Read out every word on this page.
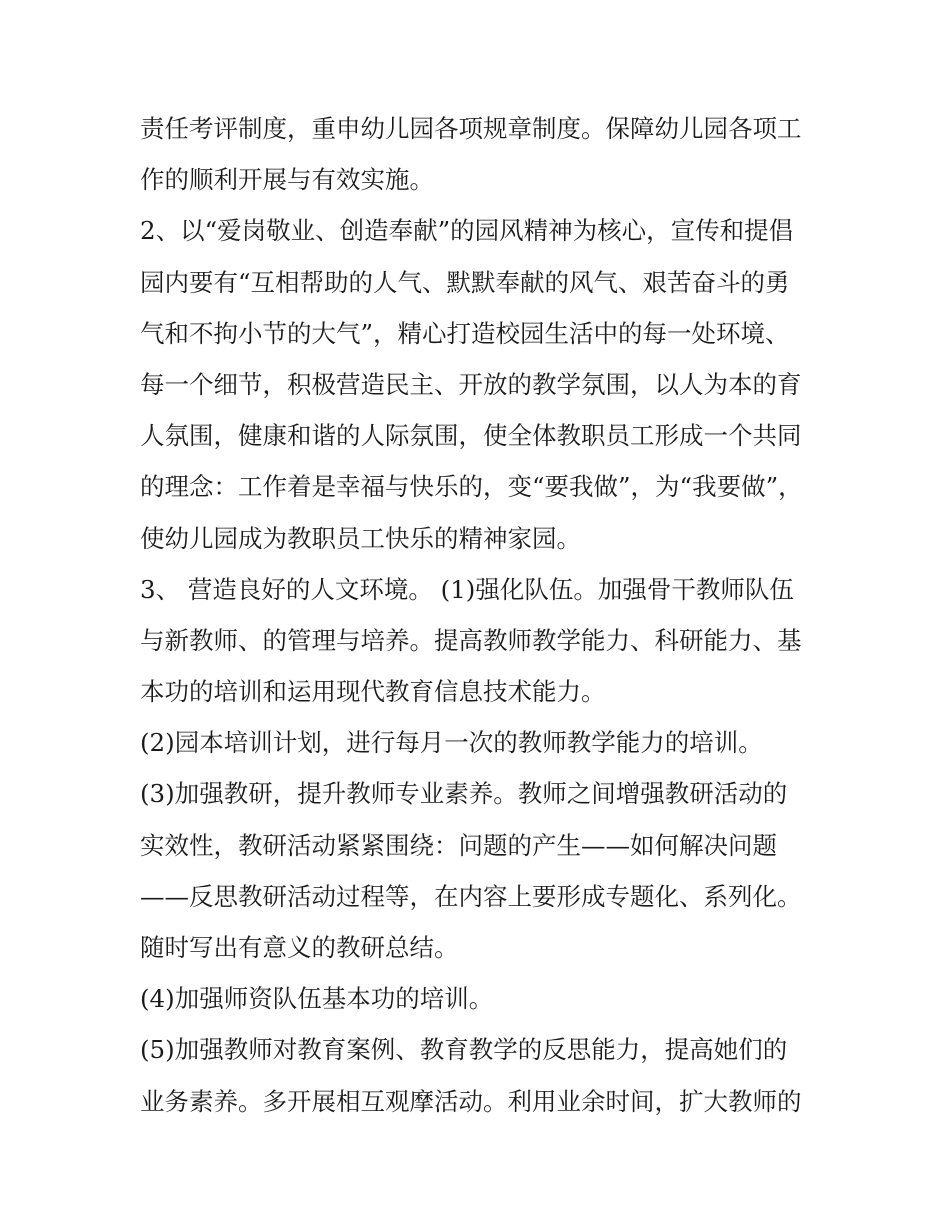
责任考评制度，重申幼儿园各项规章制度。保障幼儿园各项工
作的顺利开展与有效实施。
2、以“爱岗敬业、创造奉献”的园风精神为核心，宣传和提倡
园内要有“互相帮助的人气、默默奉献的风气、艰苦奋斗的勇
气和不拘小节的大气”，精心打造校园生活中的每一处环境、
每一个细节，积极营造民主、开放的教学氛围，以人为本的育
人氛围，健康和谐的人际氛围，使全体教职员工形成一个共同
的理念：工作着是幸福与快乐的，变“要我做”，为“我要做”，
使幼儿园成为教职员工快乐的精神家园。
3、 营造良好的人文环境。 (1)强化队伍。加强骨干教师队伍
与新教师、的管理与培养。提高教师教学能力、科研能力、基
本功的培训和运用现代教育信息技术能力。
(2)园本培训计划，进行每月一次的教师教学能力的培训。
(3)加强教研，提升教师专业素养。教师之间增强教研活动的
实效性，教研活动紧紧围绕：问题的产生——如何解决问题
——反思教研活动过程等，在内容上要形成专题化、系列化。
随时写出有意义的教研总结。
(4)加强师资队伍基本功的培训。
(5)加强教师对教育案例、教育教学的反思能力，提高她们的
业务素养。多开展相互观摩活动。利用业余时间，扩大教师的
